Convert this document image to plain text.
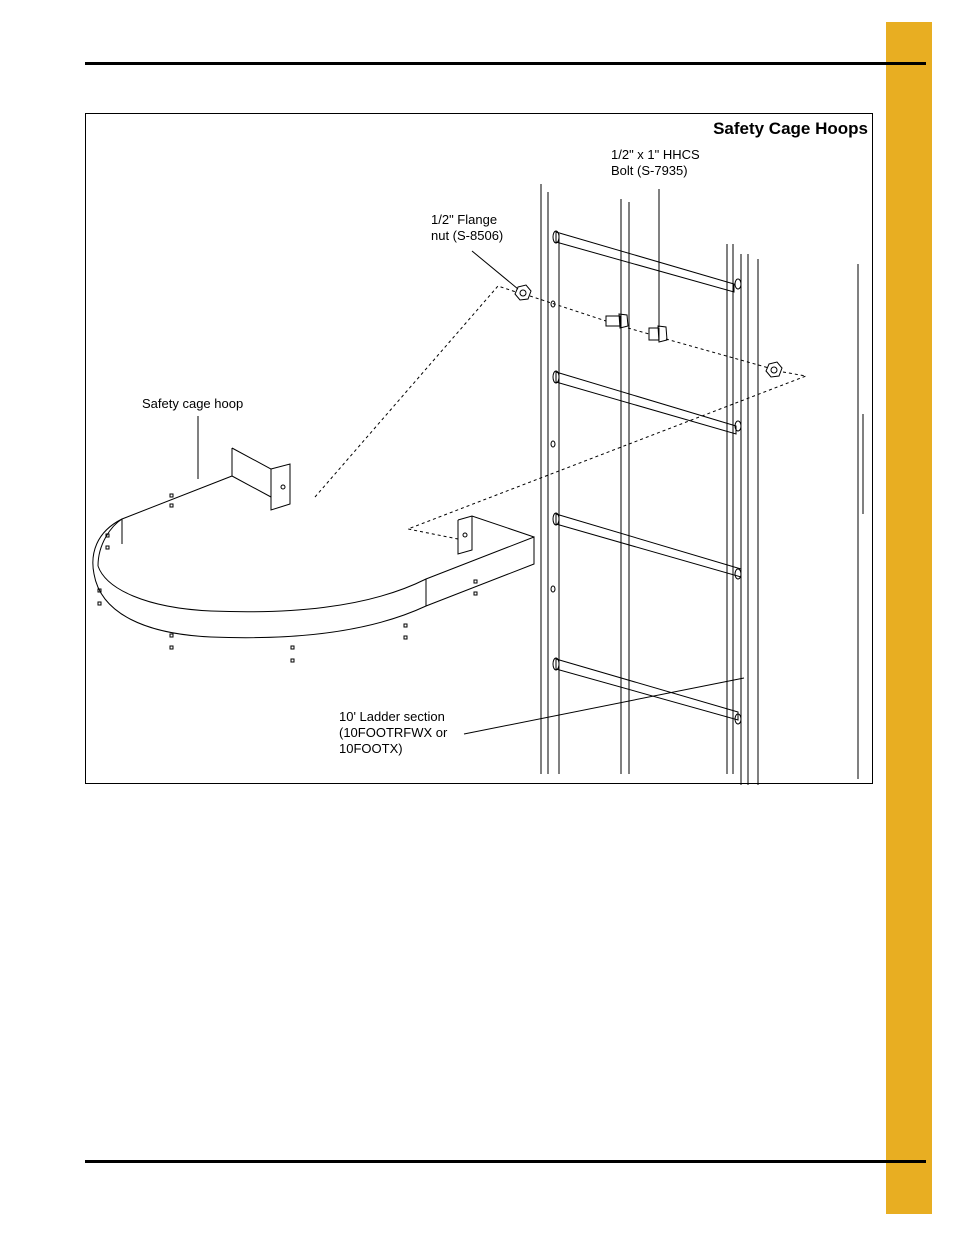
Safety Cage Hoops
1/2" x 1" HHCS
Bolt (S-7935)
1/2" Flange
nut (S-8506)
Safety cage hoop
10' Ladder section
(10FOOTRFWX or
10FOOTX)
